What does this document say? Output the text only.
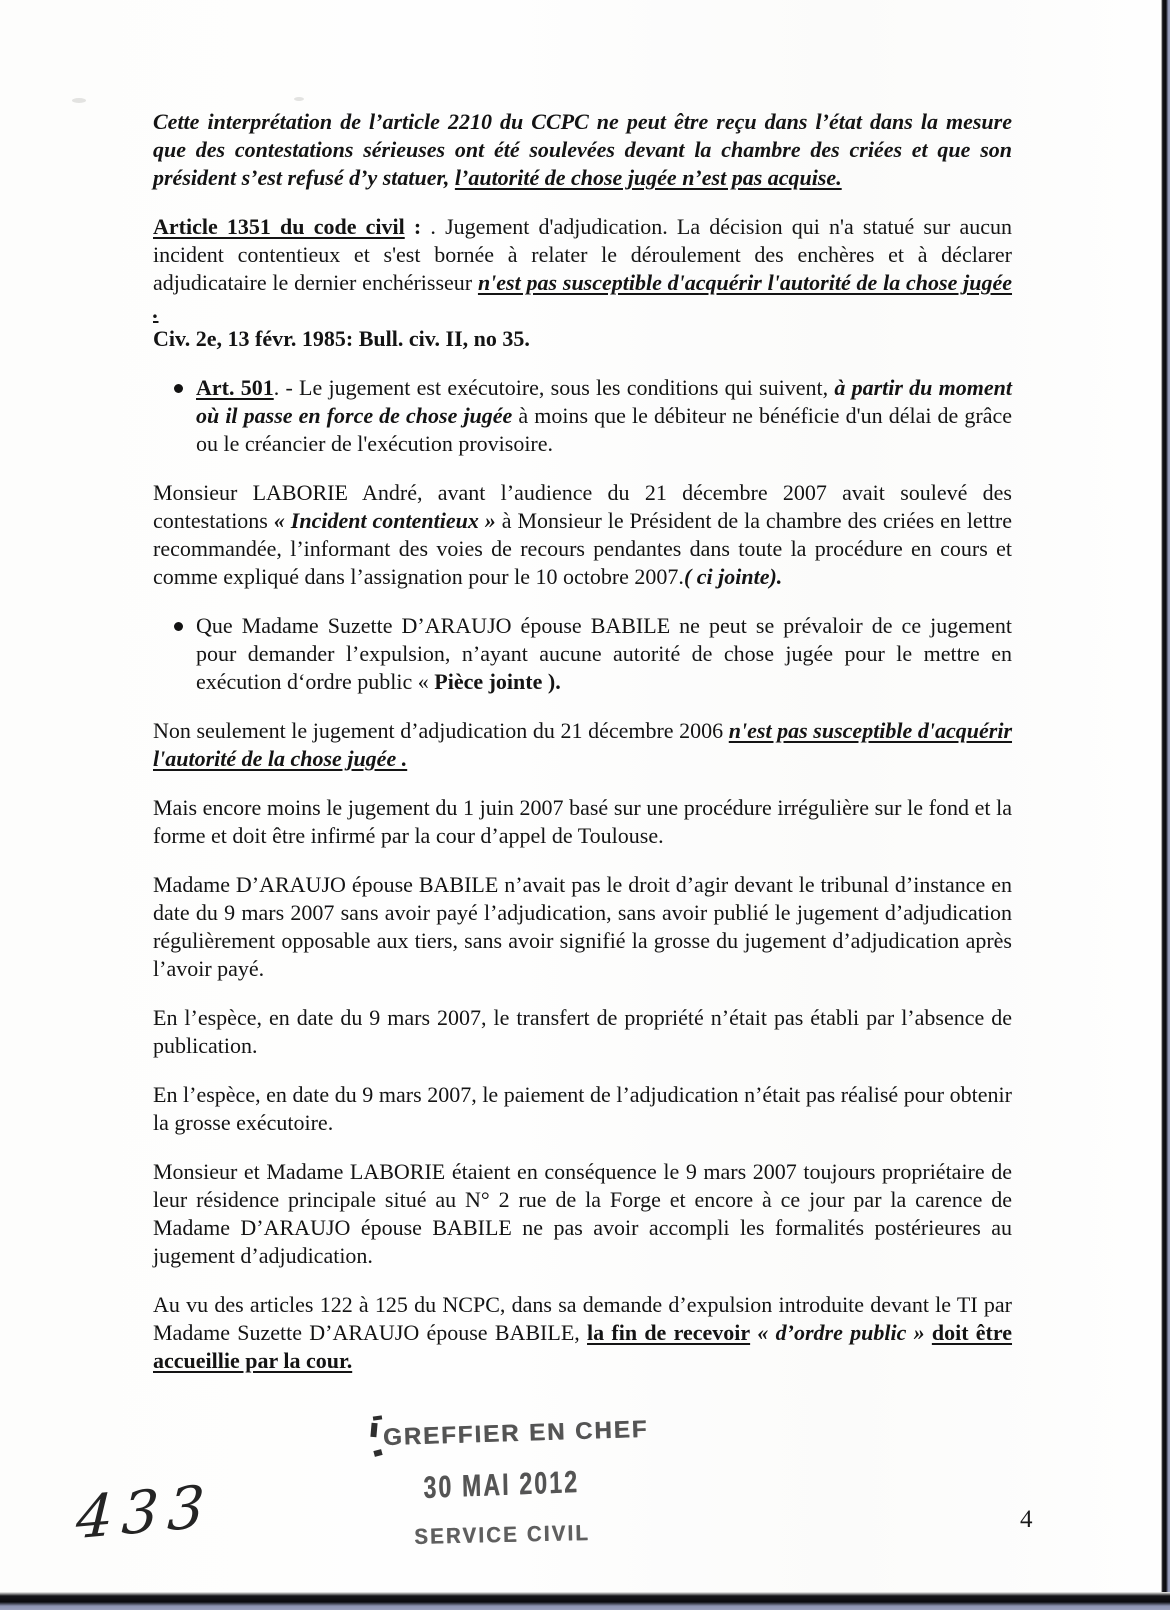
Cette interprétation de l’article 2210 du CCPC ne peut être reçu dans l’état dans la mesure que des contestations sérieuses ont été soulevées devant la chambre des criées et que son président s’est refusé d’y statuer, l’autorité de chose jugée n’est pas acquise.

Article 1351 du code civil : . Jugement d'adjudication. La décision qui n'a statué sur aucun incident contentieux et s'est bornée à relater le déroulement des enchères et à déclarer adjudicataire le dernier enchérisseur n'est pas susceptible d'acquérir l'autorité de la chose jugée .

Civ. 2e, 13 févr. 1985: Bull. civ. II, no 35.

Art. 501. - Le jugement est exécutoire, sous les conditions qui suivent, à partir du moment où il passe en force de chose jugée à moins que le débiteur ne bénéficie d'un délai de grâce ou le créancier de l'exécution provisoire.

Monsieur LABORIE André, avant l’audience du 21 décembre 2007 avait soulevé des contestations « Incident contentieux » à Monsieur le Président de la chambre des criées en lettre recommandée, l’informant des voies de recours pendantes dans toute la procédure en cours et comme expliqué dans l’assignation pour le 10 octobre 2007.( ci jointe).

Que Madame Suzette D’ARAUJO épouse BABILE ne peut se prévaloir de ce jugement pour demander l’expulsion, n’ayant aucune autorité de chose jugée pour le mettre en exécution d‘ordre public « Pièce jointe ).

Non seulement le jugement d’adjudication du 21 décembre 2006 n'est pas susceptible d'acquérir l'autorité de la chose jugée .

Mais encore moins le jugement du 1 juin 2007 basé sur une procédure irrégulière sur le fond et la forme et doit être infirmé par la cour d’appel de Toulouse.

Madame D’ARAUJO épouse BABILE n’avait pas le droit d’agir devant le tribunal d’instance en date du 9 mars 2007 sans avoir payé l’adjudication, sans avoir publié le jugement d’adjudication régulièrement opposable aux tiers, sans avoir signifié la grosse du jugement d’adjudication après l’avoir payé.

En l’espèce, en date du 9 mars 2007, le transfert de propriété n’était pas établi par l’absence de publication.

En l’espèce, en date du 9 mars 2007, le paiement de l’adjudication n’était pas réalisé pour obtenir la grosse exécutoire.

Monsieur et Madame LABORIE étaient en conséquence le 9 mars 2007 toujours propriétaire de leur résidence principale situé au N° 2 rue de la Forge et encore à ce jour par la carence de Madame D’ARAUJO épouse BABILE ne pas avoir accompli les formalités postérieures au jugement d’adjudication.

Au vu des articles 122 à 125 du NCPC, dans sa demande d’expulsion introduite devant le TI par Madame Suzette D’ARAUJO épouse BABILE, la fin de recevoir « d’ordre public » doit être accueillie par la cour.

GREFFIER EN CHEF
30 MAI 2012
SERVICE CIVIL
433	4
